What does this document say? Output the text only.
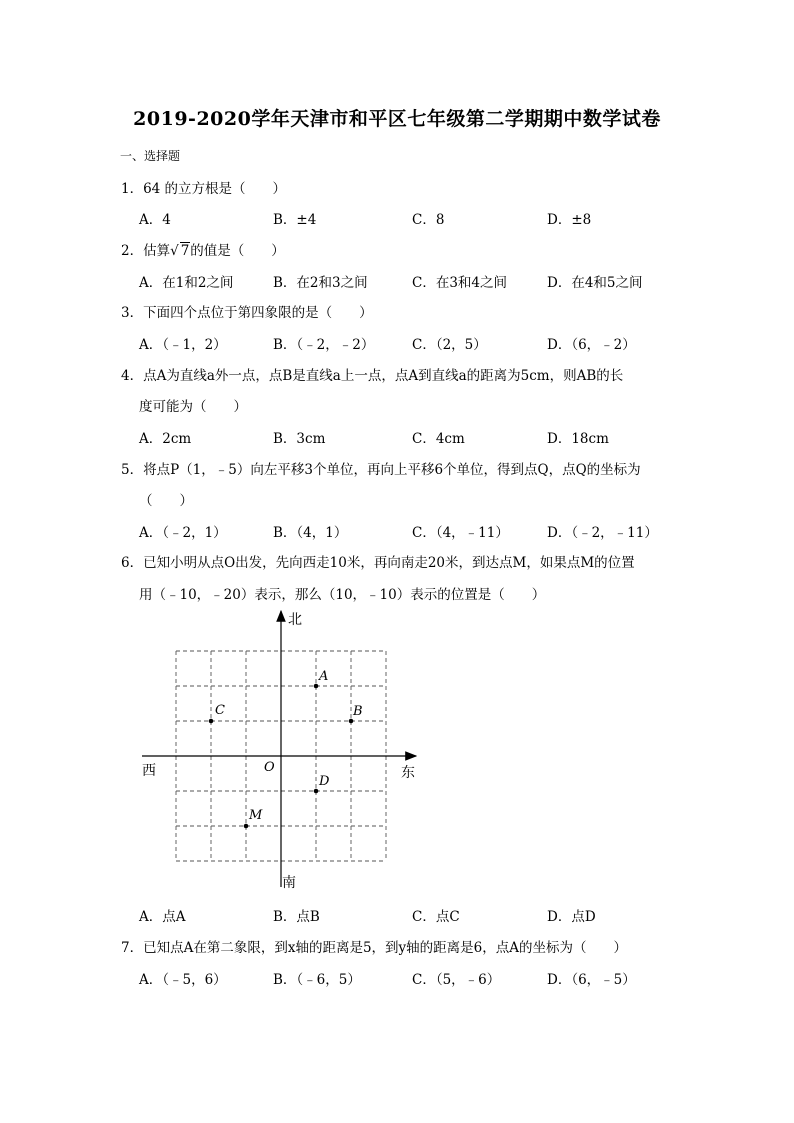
2019-2020学年天津市和平区七年级第二学期期中数学试卷
一、选择题
1．64 的立方根是（　　）
A．4	B．±4	C．8	D．±8
2．估算√ 7的值是（　　）
A．在1和2之间	B．在2和3之间	C．在3和4之间	D．在4和5之间
3．下面四个点位于第四象限的是（　　）
A．（﹣1，2）	B．（﹣2，﹣2）	C．（2，5）	D．（6，﹣2）
4．点A为直线a外一点，点B是直线a上一点，点A到直线a的距离为5cm，则AB的长
度可能为（　　）
A．2cm	B．3cm	C．4cm	D．18cm
5．将点P（1，﹣5）向左平移3个单位，再向上平移6个单位，得到点Q，点Q的坐标为
（　　）
A．（﹣2，1）	B．（4，1）	C．（4，﹣11）	D．（﹣2，﹣11）
6．已知小明从点O出发，先向西走10米，再向南走20米，到达点M，如果点M的位置
用（﹣10，﹣20）表示，那么（10，﹣10）表示的位置是（　　）
北
南
西	东
O
A
B
C
D
M
A．点A	B．点B	C．点C	D．点D
7．已知点A在第二象限，到x轴的距离是5，到y轴的距离是6，点A的坐标为（　　）
A．（﹣5，6）	B．（﹣6，5）	C．（5，﹣6）	D．（6，﹣5）
